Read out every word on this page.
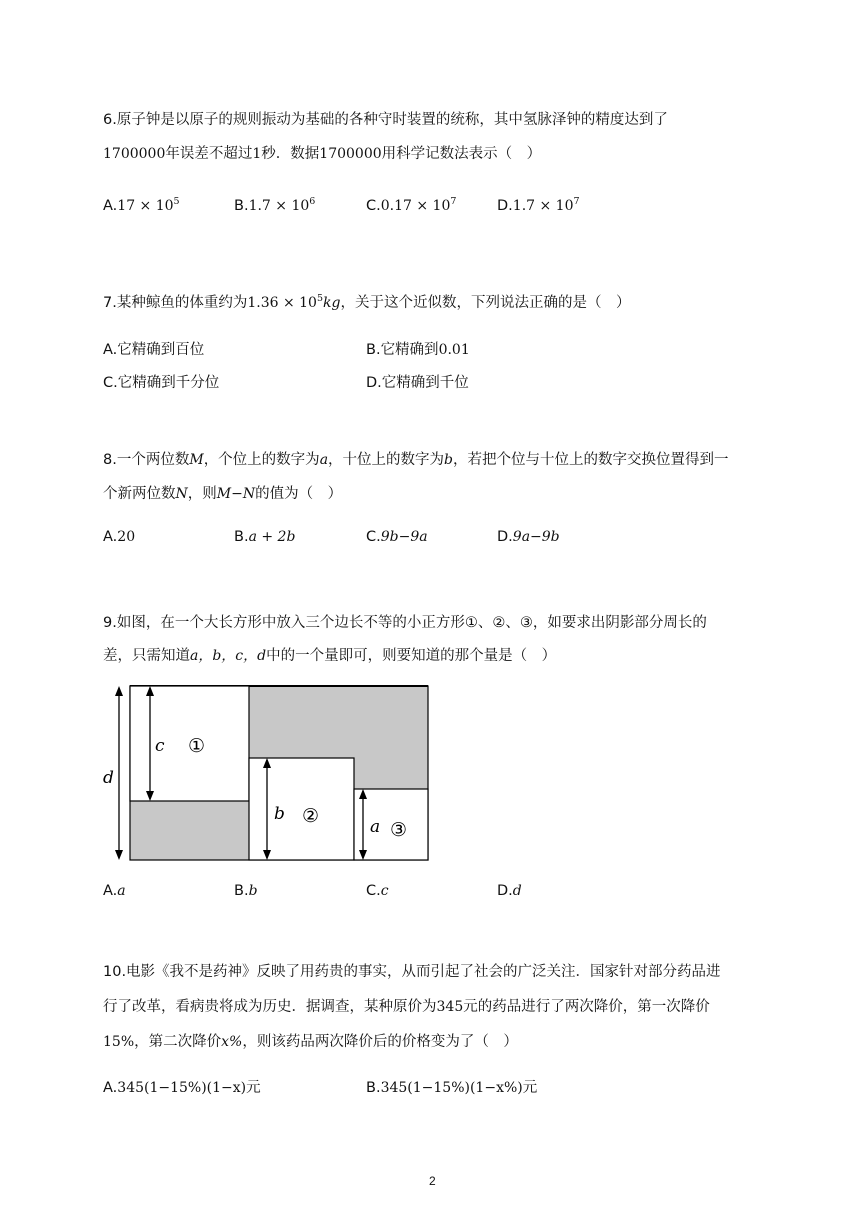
6.原子钟是以原子的规则振动为基础的各种守时装置的统称，其中氢脉泽钟的精度达到了
1700000年误差不超过1秒．数据1700000用科学记数法表示（　）
$A.17 \times 10^5$	$B.1.7 \times 10^6$	$C.0.17 \times 10^7$	$D.1.7 \times 10^7$
7.某种鲸鱼的体重约为$1.36 \times 10^5kg$，关于这个近似数，下列说法正确的是（　）
A.它精确到百位	B.它精确到0.01
C.它精确到千分位	D.它精确到千位
8.一个两位数M，个位上的数字为a，十位上的数字为b，若把个位与十位上的数字交换位置得到一
个新两位数N，则M−N的值为（　）
A.20	B.a + 2b	C.9b−9a	D.9a−9b
9.如图，在一个大长方形中放入三个边长不等的小正方形①、②、③，如要求出阴影部分周长的
差，只需知道a，b，c，d中的一个量即可，则要知道的那个量是（　）
d
c ①
b ②	a ③
A.a	B.b	C.c	D.d
10.电影《我不是药神》反映了用药贵的事实，从而引起了社会的广泛关注．国家针对部分药品进
行了改革，看病贵将成为历史．据调查，某种原价为345元的药品进行了两次降价，第一次降价
15%，第二次降价x%，则该药品两次降价后的价格变为了（　）
A.345(1−15%)(1−x)元	B.345(1−15%)(1−x%)元
2
